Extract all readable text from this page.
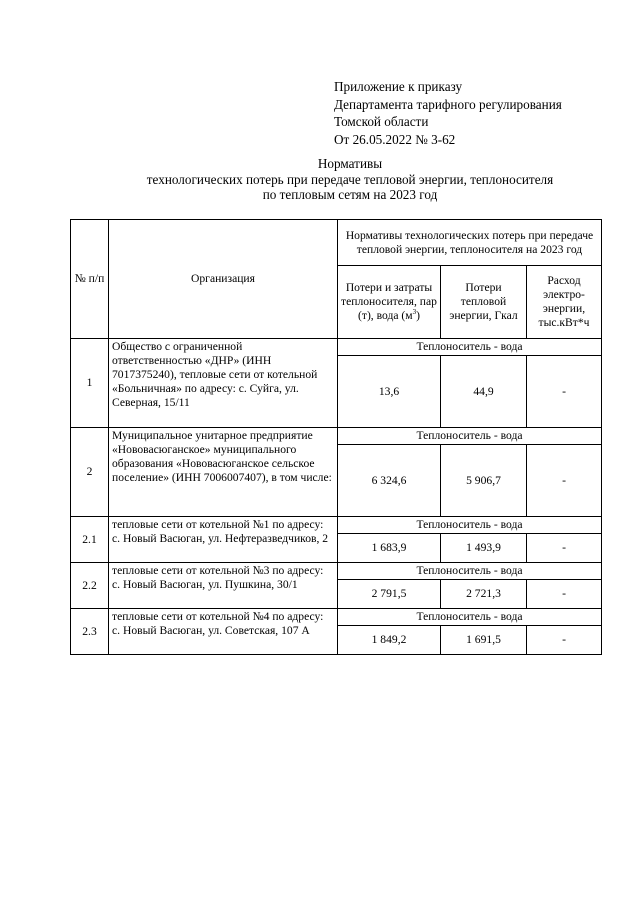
Приложение к приказу
Департамента тарифного регулирования
Томской области
От 26.05.2022 № 3-62
Нормативы
технологических потерь при передаче тепловой энергии, теплоносителя
по тепловым сетям на 2023 год
№ п/п	Организация	Нормативы технологических потерь при передаче тепловой энергии, теплоносителя на 2023 год		
		Потери и затраты теплоносителя, пар (т), вода $(м^3)$	Потери тепловой энергии, Гкал	Расход электро-энергии, тыс.кВт*ч
1	Общество с ограниченной ответственностью «ДНР» (ИНН 7017375240), тепловые сети от котельной «Больничная» по адресу: с. Суйга, ул. Северная, 15/11	Теплоноситель - вода		
		13,6	44,9	-
2	Муниципальное унитарное предприятие «Нововасюганское» муниципального образования «Нововасюганское сельское поселение» (ИНН 7006007407), в том числе:	Теплоноситель - вода		
		6 324,6	5 906,7	-
2.1	тепловые сети от котельной №1 по адресу: с. Новый Васюган, ул. Нефтеразведчиков, 2	Теплоноситель - вода		
		1 683,9	1 493,9	-
2.2	тепловые сети от котельной №3 по адресу: с. Новый Васюган, ул. Пушкина, 30/1	Теплоноситель - вода		
		2 791,5	2 721,3	-
2.3	тепловые сети от котельной №4 по адресу: с. Новый Васюган, ул. Советская, 107 А	Теплоноситель - вода		
		1 849,2	1 691,5	-
